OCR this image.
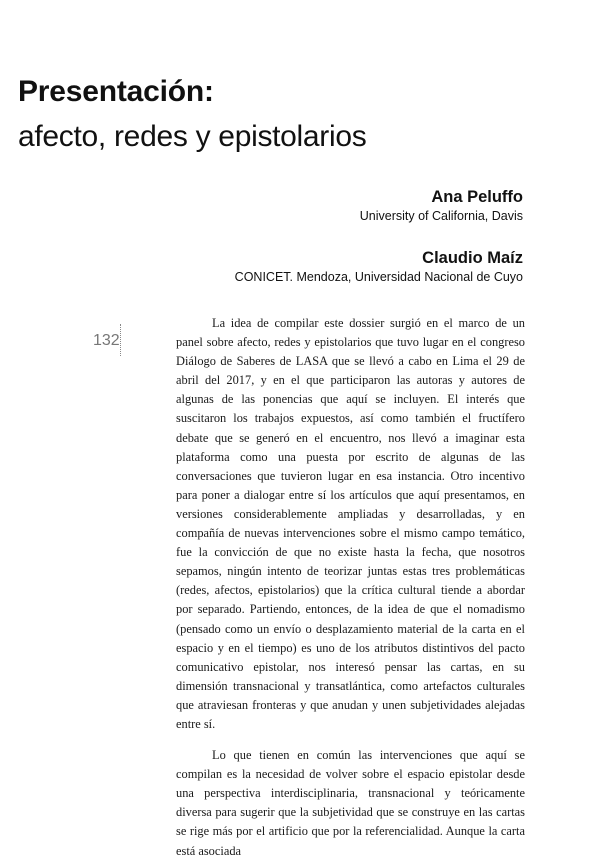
Presentación:
afecto, redes y epistolarios
Ana Peluffo
University of California, Davis
Claudio Maíz
CONICET. Mendoza, Universidad Nacional de Cuyo
132

La idea de compilar este dossier surgió en el marco de un panel sobre afecto, redes y epistolarios que tuvo lugar en el congreso Diálogo de Saberes de LASA que se llevó a cabo en Lima el 29 de abril del 2017, y en el que participaron las autoras y autores de algunas de las ponencias que aquí se incluyen. El interés que suscitaron los trabajos expuestos, así como también el fructífero debate que se generó en el encuentro, nos llevó a imaginar esta plataforma como una puesta por escrito de algunas de las conversaciones que tuvieron lugar en esa instancia. Otro incentivo para poner a dialogar entre sí los artículos que aquí presentamos, en versiones considerablemente ampliadas y desarrolladas, y en compañía de nuevas intervenciones sobre el mismo campo temático, fue la convicción de que no existe hasta la fecha, que nosotros sepamos, ningún intento de teorizar juntas estas tres problemáticas (redes, afectos, epistolarios) que la crítica cultural tiende a abordar por separado. Partiendo, entonces, de la idea de que el nomadismo (pensado como un envío o desplazamiento material de la carta en el espacio y en el tiempo) es uno de los atributos distintivos del pacto comunicativo epistolar, nos interesó pensar las cartas, en su dimensión transnacional y transatlántica, como artefactos culturales que atraviesan fronteras y que anudan y unen subjetividades alejadas entre sí.

Lo que tienen en común las intervenciones que aquí se compilan es la necesidad de volver sobre el espacio epistolar desde una perspectiva interdisciplinaria, transnacional y teóricamente diversa para sugerir que la subjetividad que se construye en las cartas se rige más por el artificio que por la referencialidad. Aunque la carta está asociada
